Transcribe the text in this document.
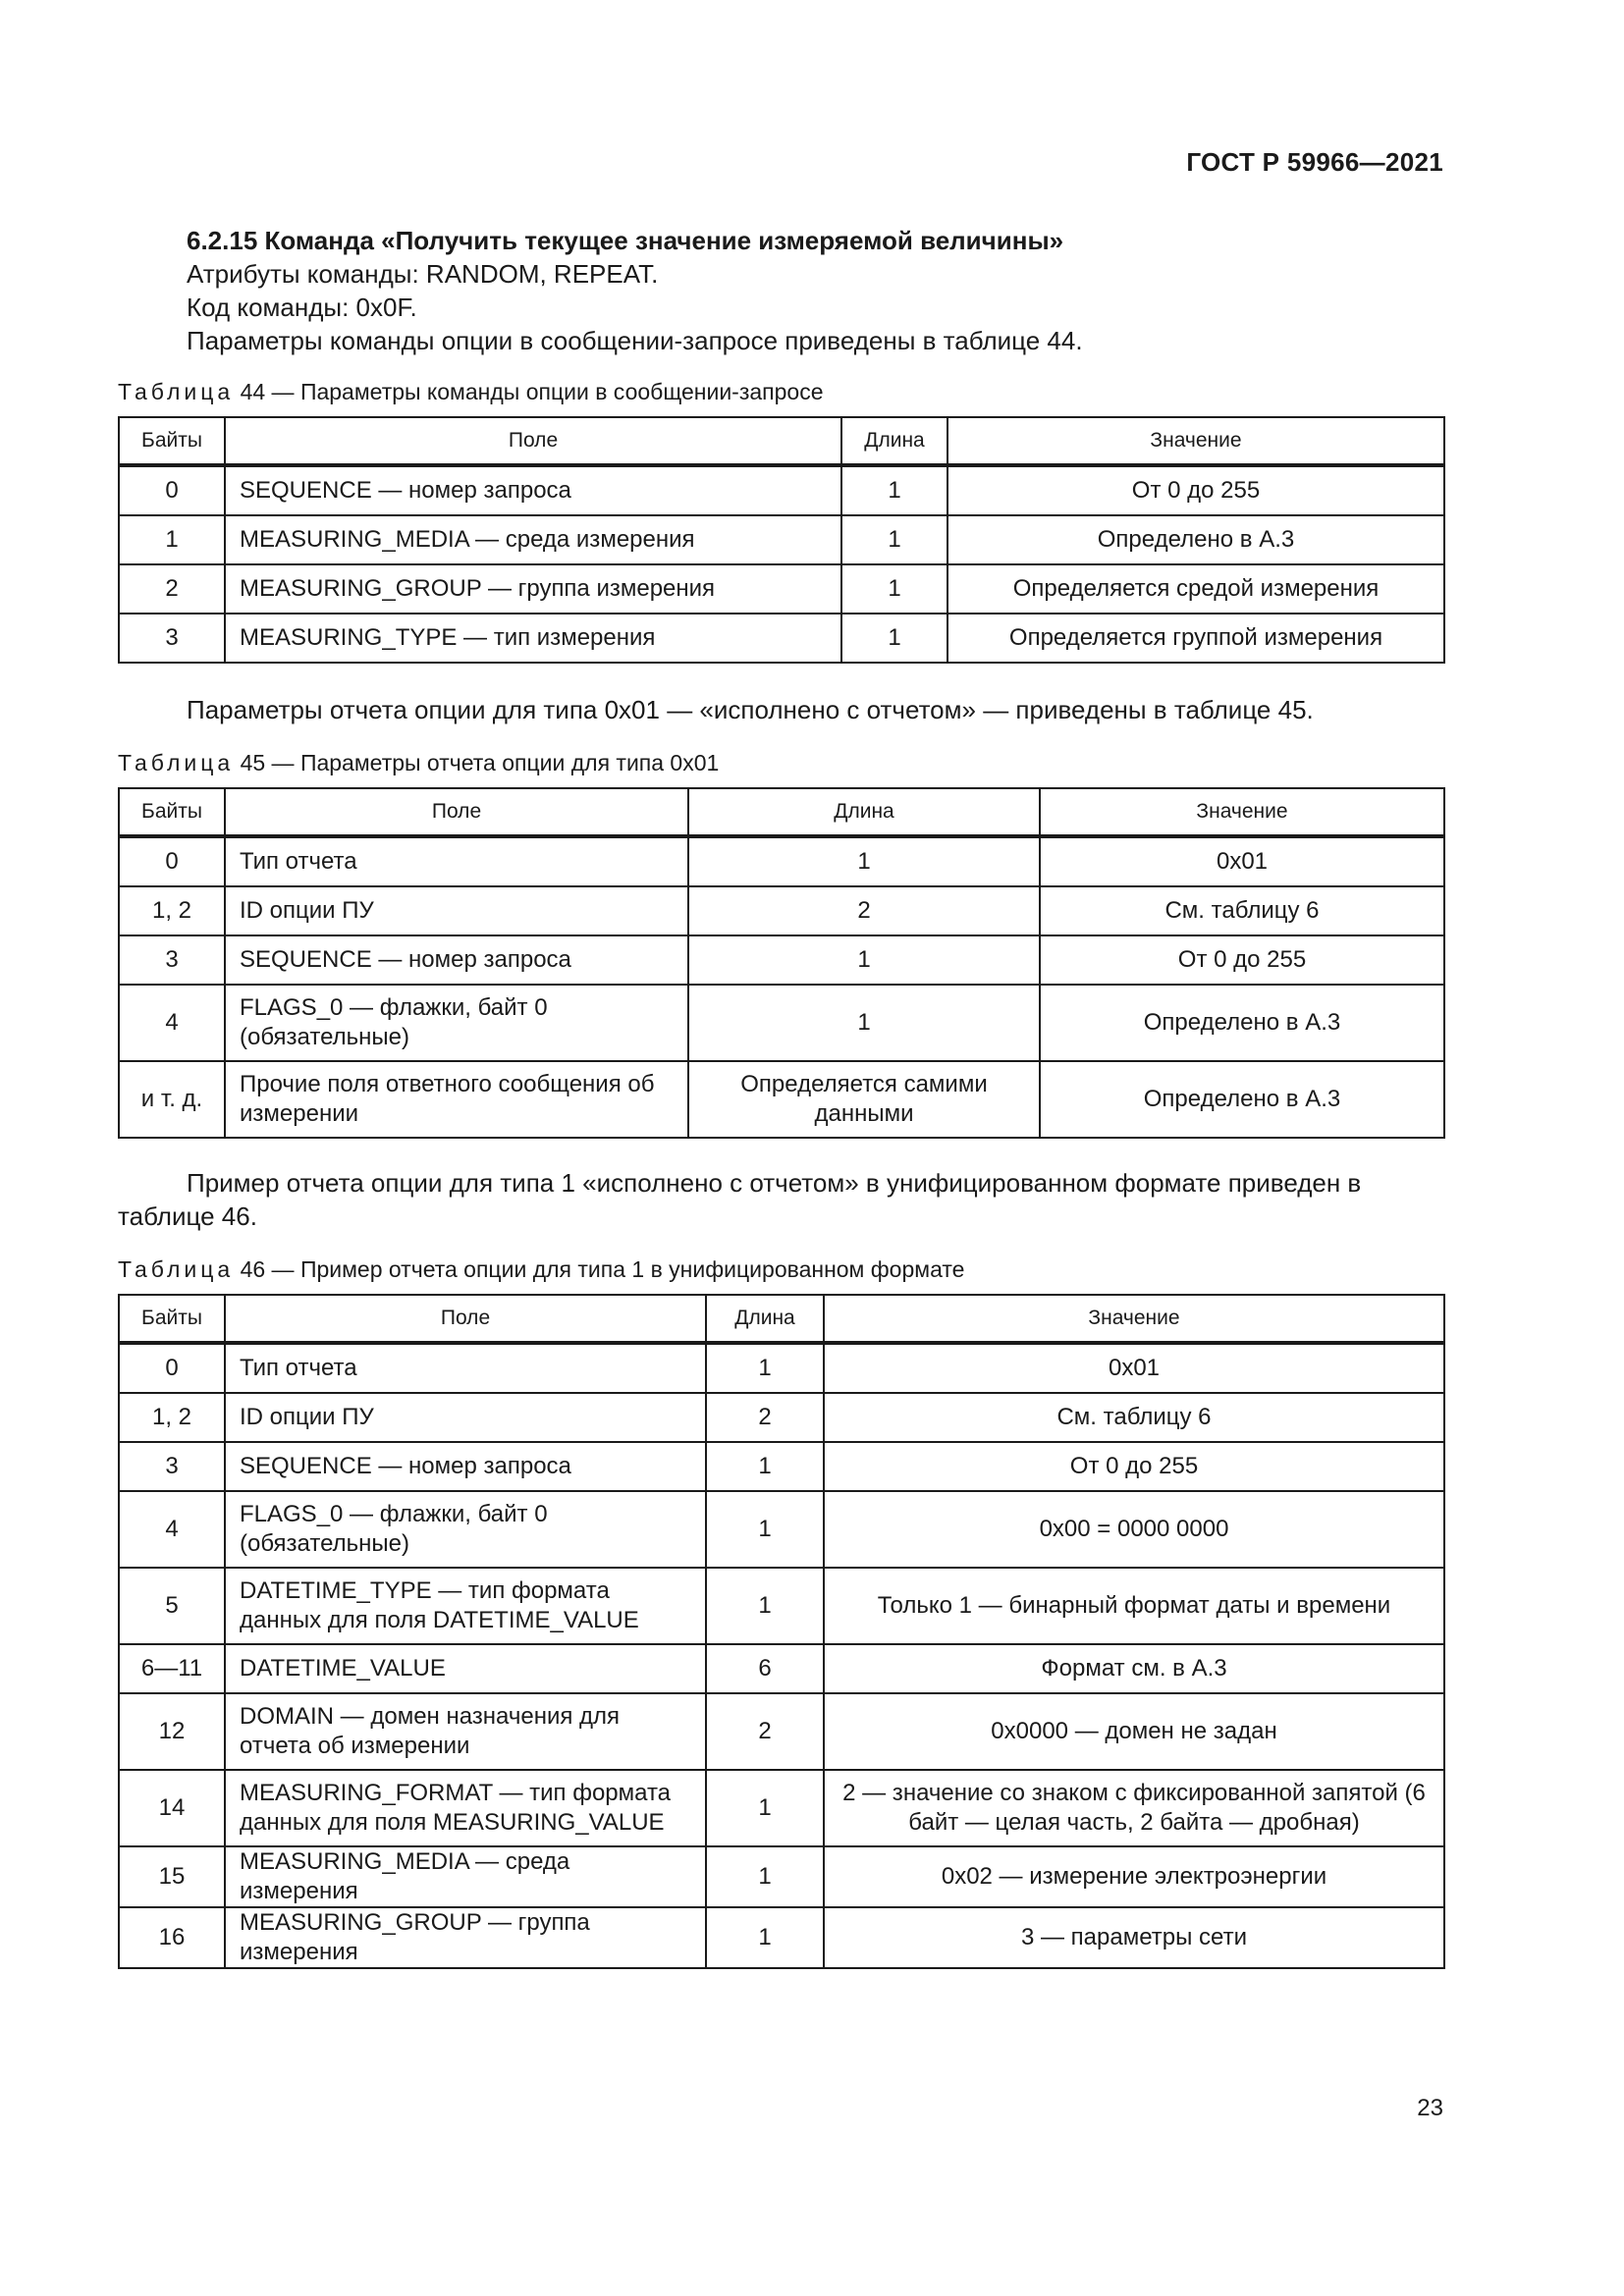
ГОСТ Р 59966—2021

6.2.15 Команда «Получить текущее значение измеряемой величины»

Атрибуты команды: RANDOM, REPEAT.

Код команды: 0x0F.

Параметры команды опции в сообщении-запросе приведены в таблице 44.

Таблица 44 — Параметры команды опции в сообщении-запросе

Байты	Поле	Длина	Значение
0	SEQUENCE — номер запроса	1	От 0 до 255
1	MEASURING_MEDIA — среда измерения	1	Определено в А.3
2	MEASURING_GROUP — группа измерения	1	Определяется средой измерения
3	MEASURING_TYPE — тип измерения	1	Определяется группой измерения

Параметры отчета опции для типа 0x01 — «исполнено с отчетом» — приведены в таблице 45.

Таблица 45 — Параметры отчета опции для типа 0x01

Байты	Поле	Длина	Значение
0	Тип отчета	1	0x01
1, 2	ID опции ПУ	2	См. таблицу 6
3	SEQUENCE — номер запроса	1	От 0 до 255
4	FLAGS_0 — флажки, байт 0 (обязательные)	1	Определено в А.3
и т. д.	Прочие поля ответного сообщения об измерении	Определяется самими данными	Определено в А.3

Пример отчета опции для типа 1 «исполнено с отчетом» в унифицированном формате приведен в таблице 46.

Таблица 46 — Пример отчета опции для типа 1 в унифицированном формате

Байты	Поле	Длина	Значение
0	Тип отчета	1	0x01
1, 2	ID опции ПУ	2	См. таблицу 6
3	SEQUENCE — номер запроса	1	От 0 до 255
4	FLAGS_0 — флажки, байт 0 (обязательные)	1	0x00 = 0000 0000
5	DATETIME_TYPE — тип формата данных для поля DATETIME_VALUE	1	Только 1 — бинарный формат даты и времени
6—11	DATETIME_VALUE	6	Формат см. в А.3
12	DOMAIN — домен назначения для отчета об измерении	2	0x0000 — домен не задан
14	MEASURING_FORMAT — тип формата данных для поля MEASURING_VALUE	1	2 — значение со знаком с фиксированной запятой (6 байт — целая часть, 2 байта — дробная)
15	MEASURING_MEDIA — среда измерения	1	0x02 — измерение электроэнергии
16	MEASURING_GROUP — группа измерения	1	3 — параметры сети
23
